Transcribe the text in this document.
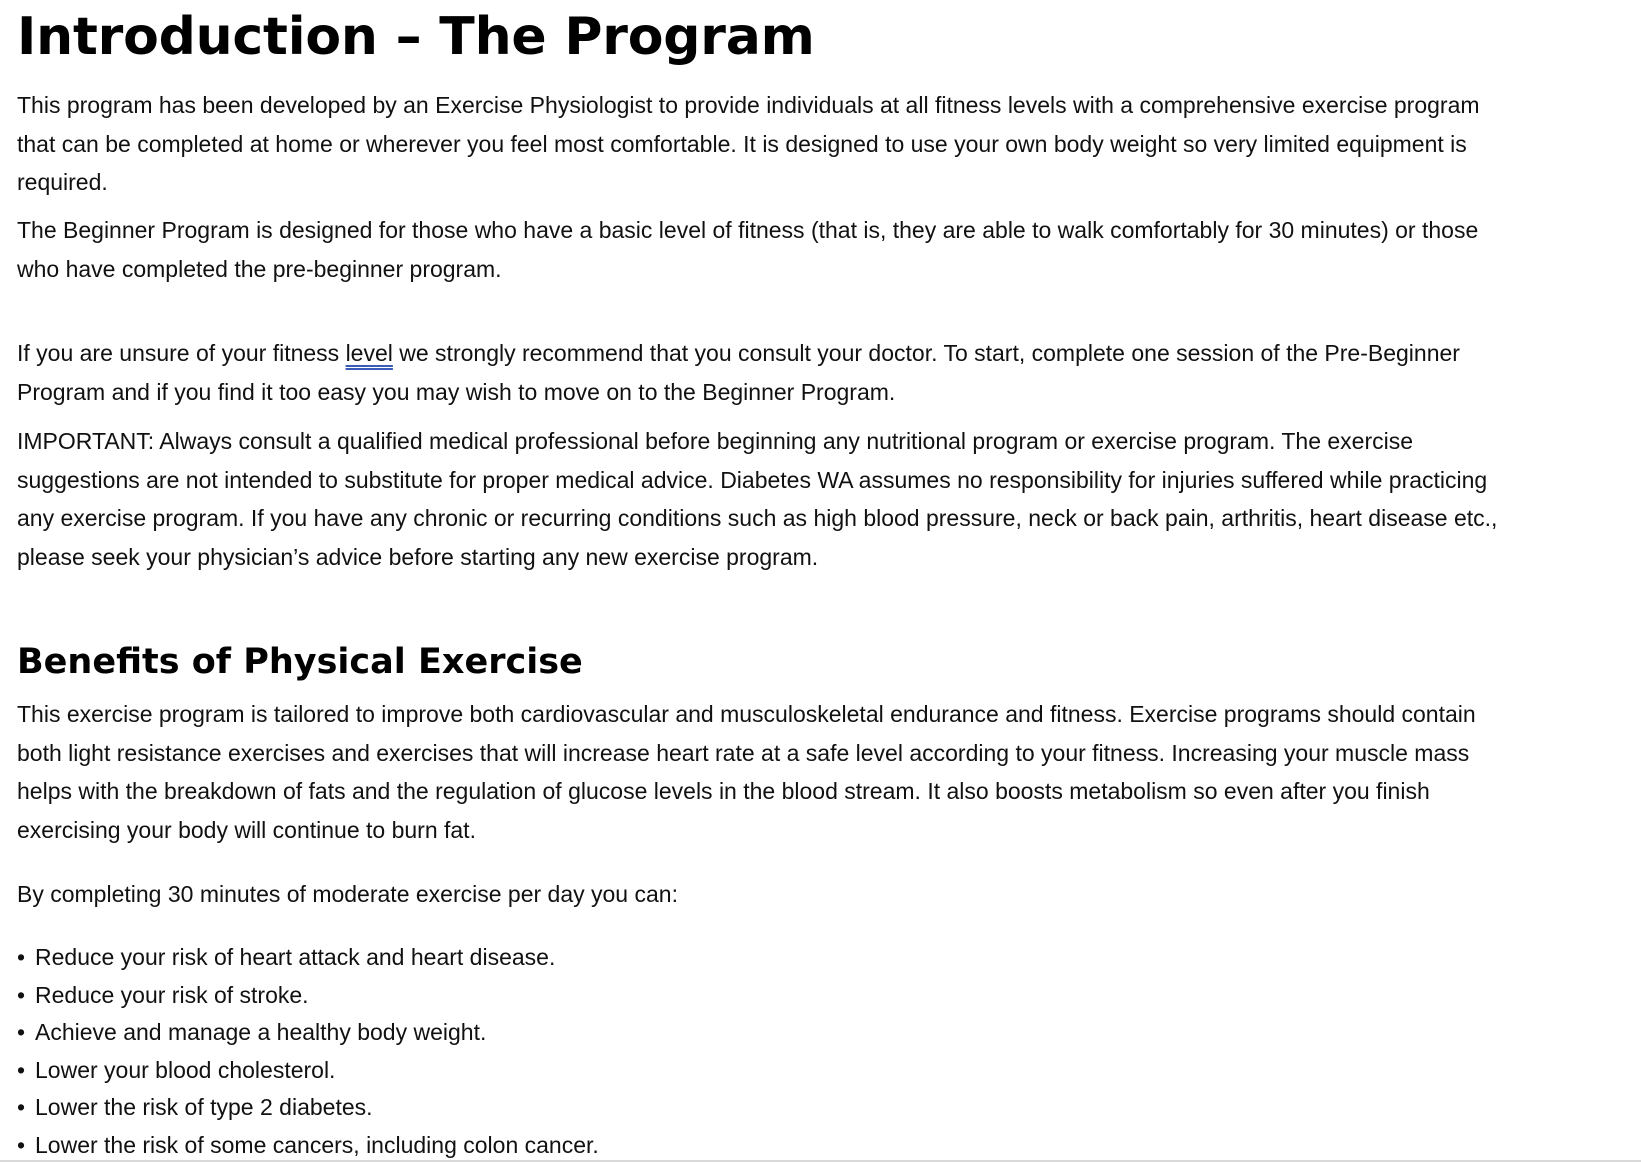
Introduction – The Program

This program has been developed by an Exercise Physiologist to provide individuals at all fitness levels with a comprehensive exercise program
that can be completed at home or wherever you feel most comfortable. It is designed to use your own body weight so very limited equipment is
required.

The Beginner Program is designed for those who have a basic level of fitness (that is, they are able to walk comfortably for 30 minutes) or those
who have completed the pre-beginner program.

If you are unsure of your fitness level we strongly recommend that you consult your doctor. To start, complete one session of the Pre-Beginner
Program and if you find it too easy you may wish to move on to the Beginner Program.

IMPORTANT: Always consult a qualified medical professional before beginning any nutritional program or exercise program. The exercise
suggestions are not intended to substitute for proper medical advice. Diabetes WA assumes no responsibility for injuries suffered while practicing
any exercise program. If you have any chronic or recurring conditions such as high blood pressure, neck or back pain, arthritis, heart disease etc.,
please seek your physician’s advice before starting any new exercise program.

Benefits of Physical Exercise

This exercise program is tailored to improve both cardiovascular and musculoskeletal endurance and fitness. Exercise programs should contain
both light resistance exercises and exercises that will increase heart rate at a safe level according to your fitness. Increasing your muscle mass
helps with the breakdown of fats and the regulation of glucose levels in the blood stream. It also boosts metabolism so even after you finish
exercising your body will continue to burn fat.

By completing 30 minutes of moderate exercise per day you can:

• Reduce your risk of heart attack and heart disease.
• Reduce your risk of stroke.
• Achieve and manage a healthy body weight.
• Lower your blood cholesterol.
• Lower the risk of type 2 diabetes.
• Lower the risk of some cancers, including colon cancer.
